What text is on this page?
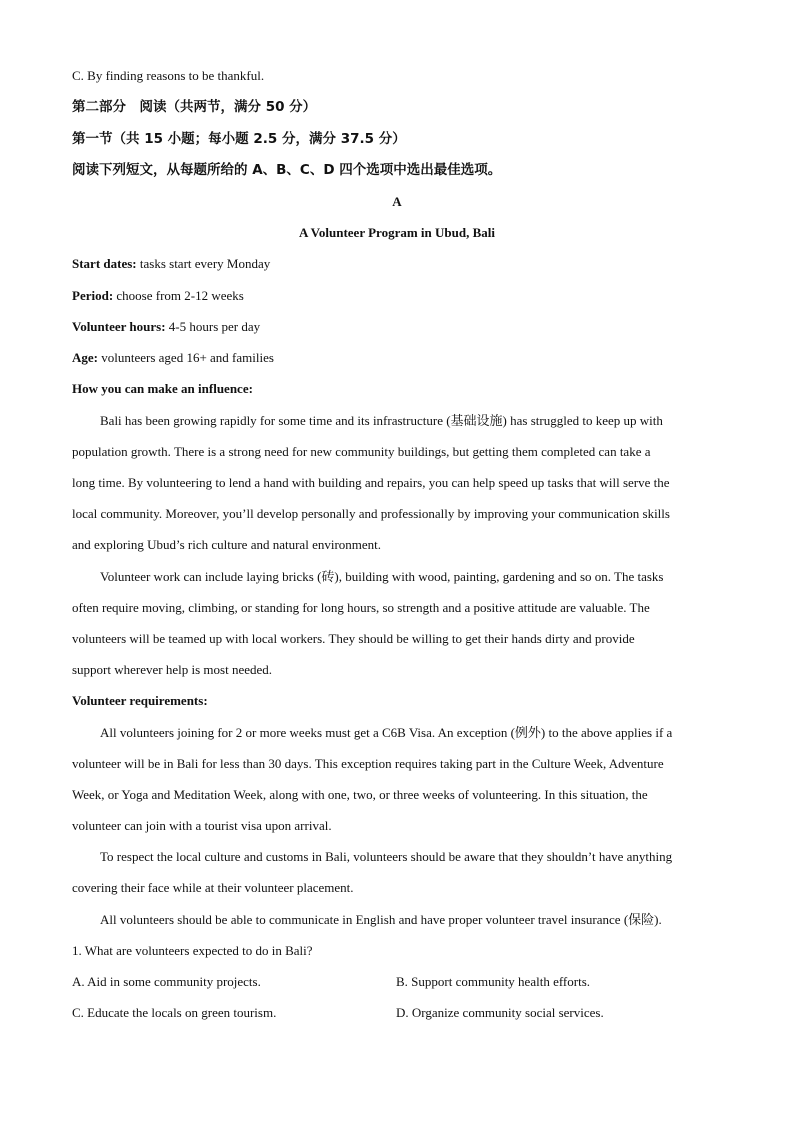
C. By finding reasons to be thankful.
第二部分　阅读（共两节，满分 50 分）
第一节（共 15 小题；每小题 2.5 分，满分 37.5 分）
阅读下列短文，从每题所给的 A、B、C、D 四个选项中选出最佳选项。
A
A Volunteer Program in Ubud, Bali
Start dates: tasks start every Monday
Period: choose from 2-12 weeks
Volunteer hours: 4-5 hours per day
Age: volunteers aged 16+ and families
How you can make an influence:
Bali has been growing rapidly for some time and its infrastructure (基础设施) has struggled to keep up with
population growth. There is a strong need for new community buildings, but getting them completed can take a
long time. By volunteering to lend a hand with building and repairs, you can help speed up tasks that will serve the
local community. Moreover, you’ll develop personally and professionally by improving your communication skills
and exploring Ubud’s rich culture and natural environment.
Volunteer work can include laying bricks (砖), building with wood, painting, gardening and so on. The tasks
often require moving, climbing, or standing for long hours, so strength and a positive attitude are valuable. The
volunteers will be teamed up with local workers. They should be willing to get their hands dirty and provide
support wherever help is most needed.
Volunteer requirements:
All volunteers joining for 2 or more weeks must get a C6B Visa. An exception (例外) to the above applies if a
volunteer will be in Bali for less than 30 days. This exception requires taking part in the Culture Week, Adventure
Week, or Yoga and Meditation Week, along with one, two, or three weeks of volunteering. In this situation, the
volunteer can join with a tourist visa upon arrival.
To respect the local culture and customs in Bali, volunteers should be aware that they shouldn’t have anything
covering their face while at their volunteer placement.
All volunteers should be able to communicate in English and have proper volunteer travel insurance (保险).
1. What are volunteers expected to do in Bali?
A. Aid in some community projects.	B. Support community health efforts.
C. Educate the locals on green tourism.	D. Organize community social services.
